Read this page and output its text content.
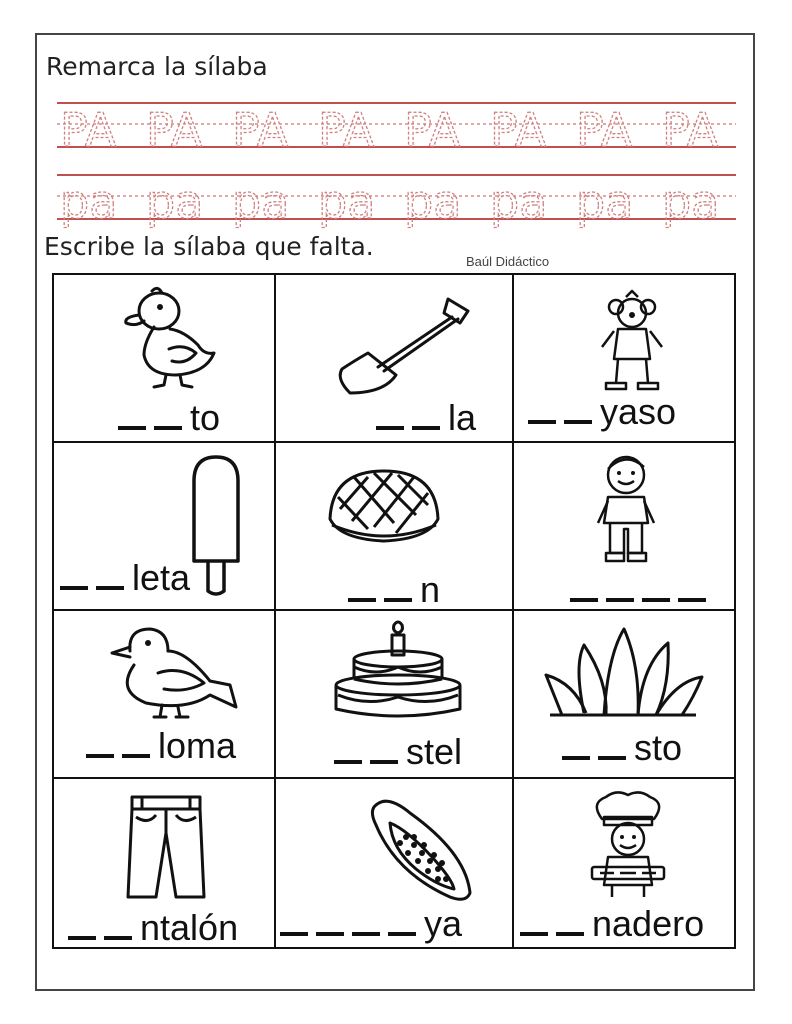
Remarca la sílaba
PA PA PA PA PA PA PA PA
pa pa pa pa pa pa pa pa
Escribe la sílaba que falta.
Baúl Didáctico
to	la	yaso
leta	n
loma	stel	sto
ntalón	ya	nadero
